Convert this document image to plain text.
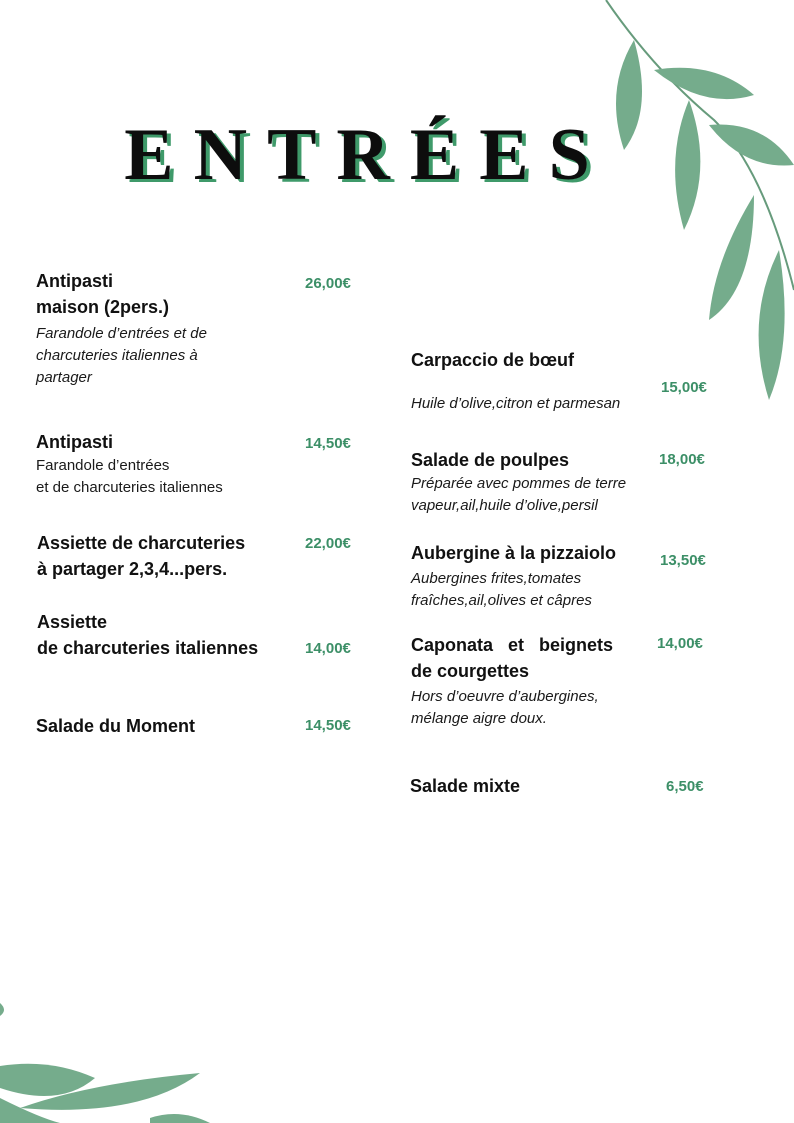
ENTRÉES
Antipasti
maison (2pers.)
Farandole d’entrées et de
charcuteries italiennes à
partager
26,00€
Antipasti
Farandole d’entrées
et de charcuteries italiennes
14,50€
Assiette de charcuteries
à partager 2,3,4...pers.
22,00€
Assiette
de charcuteries italiennes	14,00€
Salade du Moment	14,50€
Carpaccio de bœuf
Huile d’olive,citron et parmesan
15,00€
Salade de poulpes
Préparée avec pommes de terre
vapeur,ail,huile d’olive,persil
18,00€
Aubergine à la pizzaiolo
Aubergines frites,tomates
fraîches,ail,olives et câpres
13,50€
Caponata   et   beignets
de courgettes
Hors d’oeuvre d’aubergines,
mélange aigre doux.
14,00€
Salade mixte	6,50€
